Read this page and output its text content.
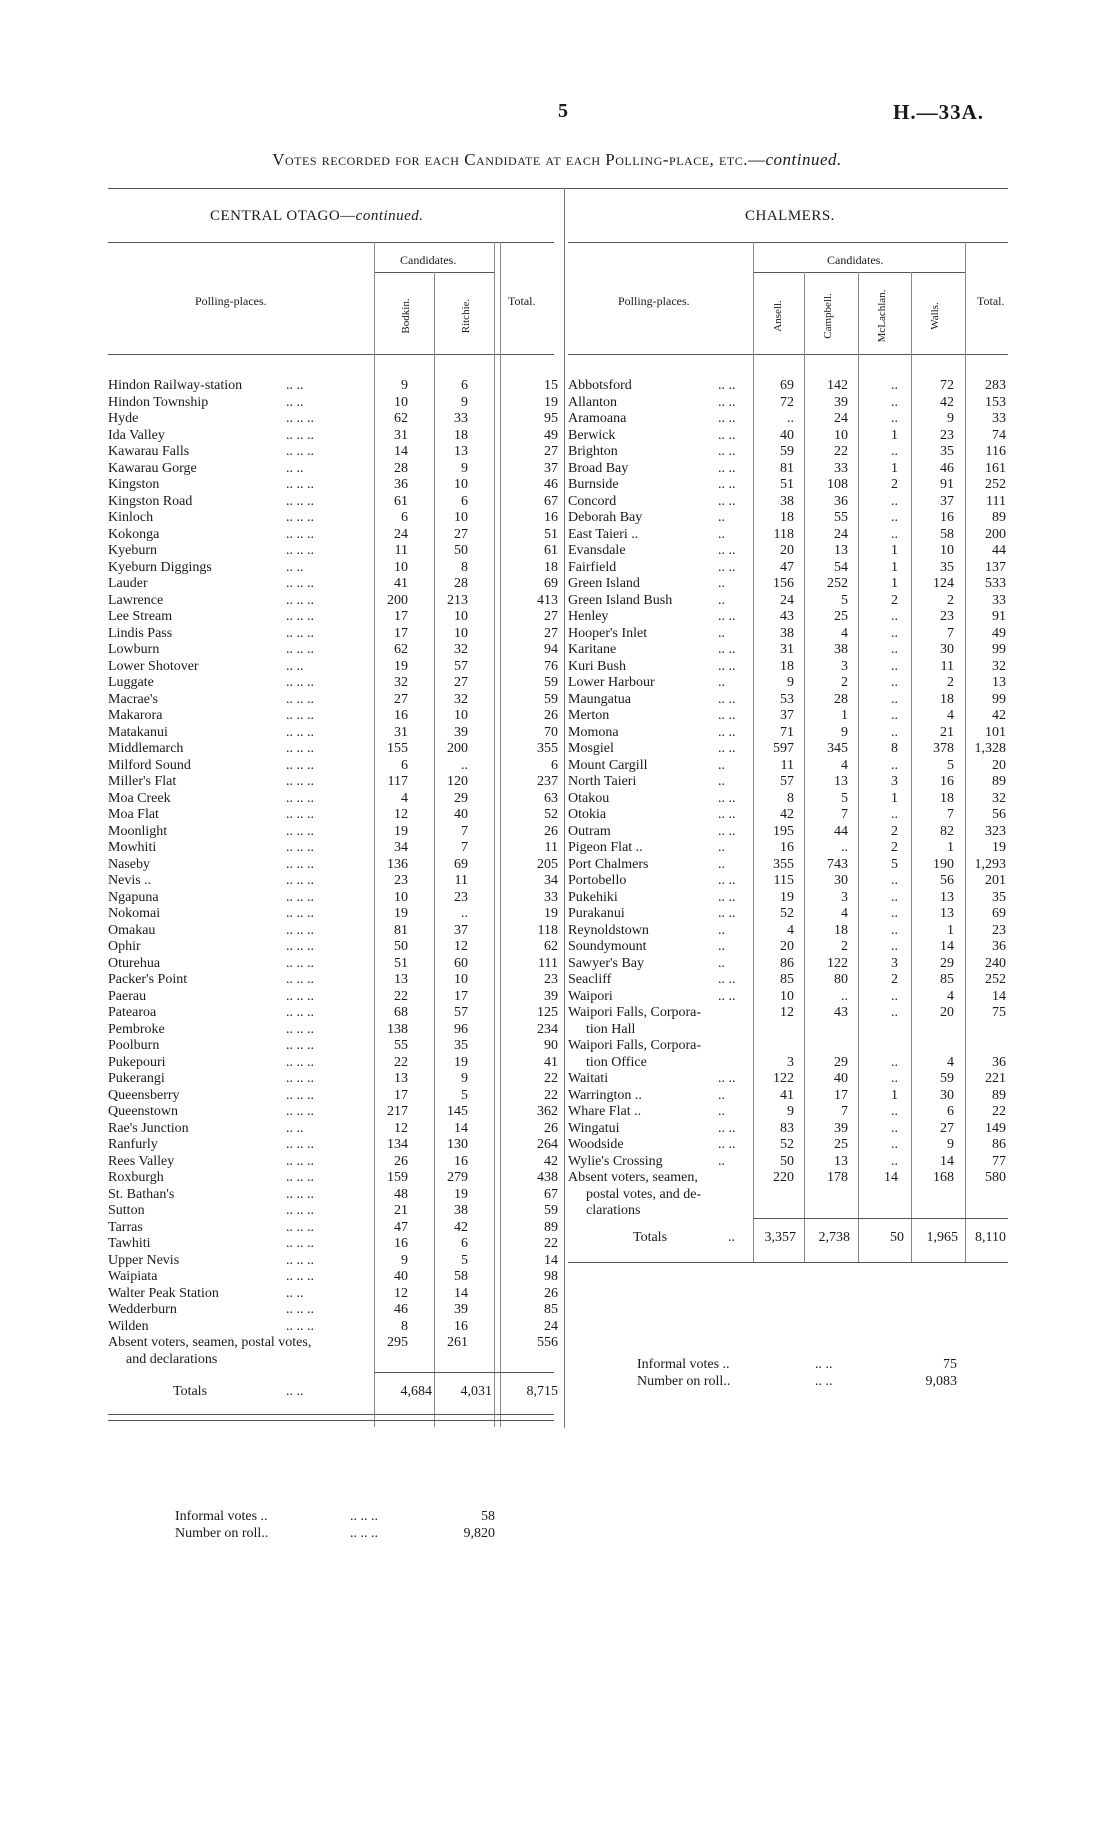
5	H.—33A.
Votes recorded for each Candidate at each Polling-place, etc.—continued.
CENTRAL OTAGO—continued.
Polling-places.
Candidates.
Bodkin.	Ritchie.	Total.
Hindon Railway-station	.. ..	9	6	15
Hindon Township	.. ..	10	9	19
Hyde	.. .. ..	62	33	95
Ida Valley	.. .. ..	31	18	49
Kawarau Falls	.. .. ..	14	13	27
Kawarau Gorge	.. ..	28	9	37
Kingston	.. .. ..	36	10	46
Kingston Road	.. .. ..	61	6	67
Kinloch	.. .. ..	6	10	16
Kokonga	.. .. ..	24	27	51
Kyeburn	.. .. ..	11	50	61
Kyeburn Diggings	.. ..	10	8	18
Lauder	.. .. ..	41	28	69
Lawrence	.. .. ..	200	213	413
Lee Stream	.. .. ..	17	10	27
Lindis Pass	.. .. ..	17	10	27
Lowburn	.. .. ..	62	32	94
Lower Shotover	.. ..	19	57	76
Luggate	.. .. ..	32	27	59
Macrae's	.. .. ..	27	32	59
Makarora	.. .. ..	16	10	26
Matakanui	.. .. ..	31	39	70
Middlemarch	.. .. ..	155	200	355
Milford Sound	.. .. ..	6	..	6
Miller's Flat	.. .. ..	117	120	237
Moa Creek	.. .. ..	4	29	63
Moa Flat	.. .. ..	12	40	52
Moonlight	.. .. ..	19	7	26
Mowhiti	.. .. ..	34	7	11
Naseby	.. .. ..	136	69	205
Nevis ..	.. .. ..	23	11	34
Ngapuna	.. .. ..	10	23	33
Nokomai	.. .. ..	19	..	19
Omakau	.. .. ..	81	37	118
Ophir	.. .. ..	50	12	62
Oturehua	.. .. ..	51	60	111
Packer's Point	.. .. ..	13	10	23
Paerau	.. .. ..	22	17	39
Patearoa	.. .. ..	68	57	125
Pembroke	.. .. ..	138	96	234
Poolburn	.. .. ..	55	35	90
Pukepouri	.. .. ..	22	19	41
Pukerangi	.. .. ..	13	9	22
Queensberry	.. .. ..	17	5	22
Queenstown	.. .. ..	217	145	362
Rae's Junction	.. ..	12	14	26
Ranfurly	.. .. ..	134	130	264
Rees Valley	.. .. ..	26	16	42
Roxburgh	.. .. ..	159	279	438
St. Bathan's	.. .. ..	48	19	67
Sutton	.. .. ..	21	38	59
Tarras	.. .. ..	47	42	89
Tawhiti	.. .. ..	16	6	22
Upper Nevis	.. .. ..	9	5	14
Waipiata	.. .. ..	40	58	98
Walter Peak Station	.. ..	12	14	26
Wedderburn	.. .. ..	46	39	85
Wilden	.. .. ..	8	16	24
Absent voters, seamen, postal votes,
and declarations
295	261	556
Totals	.. ..	4,684	4,031	8,715
Informal votes ..	.. .. ..	58
Number on roll..	.. .. ..	9,820
CHALMERS.
Polling-places.
Candidates.
Ansell.	Campbell.	McLachlan.	Walls.
Total.
Abbotsford	.. ..	69	142	..	72	283
Allanton	.. ..	72	39	..	42	153
Aramoana	.. ..	..	24	..	9	33
Berwick	.. ..	40	10	1	23	74
Brighton	.. ..	59	22	..	35	116
Broad Bay	.. ..	81	33	1	46	161
Burnside	.. ..	51	108	2	91	252
Concord	.. ..	38	36	..	37	111
Deborah Bay	..	18	55	..	16	89
East Taieri ..	..	118	24	..	58	200
Evansdale	.. ..	20	13	1	10	44
Fairfield	.. ..	47	54	1	35	137
Green Island	..	156	252	1	124	533
Green Island Bush	..	24	5	2	2	33
Henley	.. ..	43	25	..	23	91
Hooper's Inlet	..	38	4	..	7	49
Karitane	.. ..	31	38	..	30	99
Kuri Bush	.. ..	18	3	..	11	32
Lower Harbour	..	9	2	..	2	13
Maungatua	.. ..	53	28	..	18	99
Merton	.. ..	37	1	..	4	42
Momona	.. ..	71	9	..	21	101
Mosgiel	.. ..	597	345	8	378	1,328
Mount Cargill	..	11	4	..	5	20
North Taieri	..	57	13	3	16	89
Otakou	.. ..	8	5	1	18	32
Otokia	.. ..	42	7	..	7	56
Outram	.. ..	195	44	2	82	323
Pigeon Flat ..	..	16	..	2	1	19
Port Chalmers	..	355	743	5	190	1,293
Portobello	.. ..	115	30	..	56	201
Pukehiki	.. ..	19	3	..	13	35
Purakanui	.. ..	52	4	..	13	69
Reynoldstown	..	4	18	..	1	23
Soundymount	..	20	2	..	14	36
Sawyer's Bay	..	86	122	3	29	240
Seacliff	.. ..	85	80	2	85	252
Waipori	.. ..	10	..	..	4	14
Waipori Falls, Corpora-
tion Hall
12	43	..	20	75
Waipori Falls, Corpora-
tion Office	3	29	..	4	36
Waitati	.. ..	122	40	..	59	221
Warrington ..	..	41	17	1	30	89
Whare Flat ..	..	9	7	..	6	22
Wingatui	.. ..	83	39	..	27	149
Woodside	.. ..	52	25	..	9	86
Wylie's Crossing	..	50	13	..	14	77
Absent voters, seamen,
postal votes, and de-
clarations
220	178	14	168	580
Totals	..	3,357	2,738	50	1,965	8,110
Informal votes ..	.. ..	75
Number on roll..	.. ..	9,083
